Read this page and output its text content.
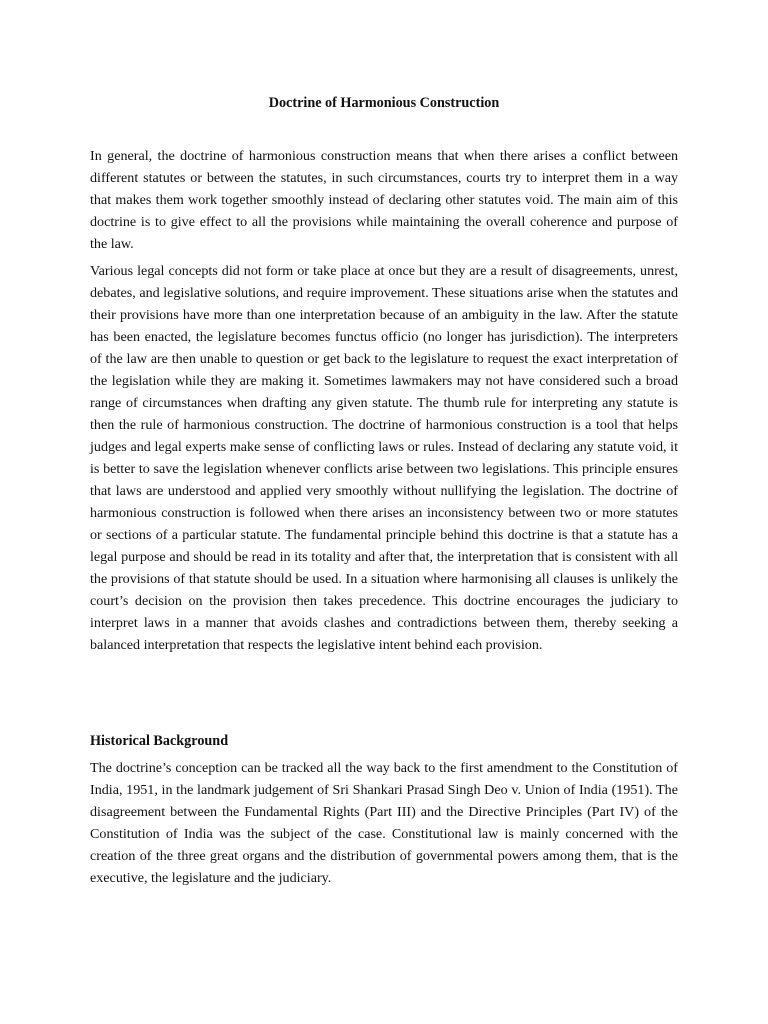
Doctrine of Harmonious Construction

In general, the doctrine of harmonious construction means that when there arises a conflict between different statutes or between the statutes, in such circumstances, courts try to interpret them in a way that makes them work together smoothly instead of declaring other statutes void. The main aim of this doctrine is to give effect to all the provisions while maintaining the overall coherence and purpose of the law.

Various legal concepts did not form or take place at once but they are a result of disagreements, unrest, debates, and legislative solutions, and require improvement. These situations arise when the statutes and their provisions have more than one interpretation because of an ambiguity in the law. After the statute has been enacted, the legislature becomes functus officio (no longer has jurisdiction). The interpreters of the law are then unable to question or get back to the legislature to request the exact interpretation of the legislation while they are making it. Sometimes lawmakers may not have considered such a broad range of circumstances when drafting any given statute. The thumb rule for interpreting any statute is then the rule of harmonious construction. The doctrine of harmonious construction is a tool that helps judges and legal experts make sense of conflicting laws or rules. Instead of declaring any statute void, it is better to save the legislation whenever conflicts arise between two legislations. This principle ensures that laws are understood and applied very smoothly without nullifying the legislation. The doctrine of harmonious construction is followed when there arises an inconsistency between two or more statutes or sections of a particular statute. The fundamental principle behind this doctrine is that a statute has a legal purpose and should be read in its totality and after that, the interpretation that is consistent with all the provisions of that statute should be used. In a situation where harmonising all clauses is unlikely the court’s decision on the provision then takes precedence. This doctrine encourages the judiciary to interpret laws in a manner that avoids clashes and contradictions between them, thereby seeking a balanced interpretation that respects the legislative intent behind each provision.

Historical Background

The doctrine’s conception can be tracked all the way back to the first amendment to the Constitution of India, 1951, in the landmark judgement of Sri Shankari Prasad Singh Deo v. Union of India (1951). The disagreement between the Fundamental Rights (Part III) and the Directive Principles (Part IV) of the Constitution of India was the subject of the case. Constitutional law is mainly concerned with the creation of the three great organs and the distribution of governmental powers among them, that is the executive, the legislature and the judiciary.
